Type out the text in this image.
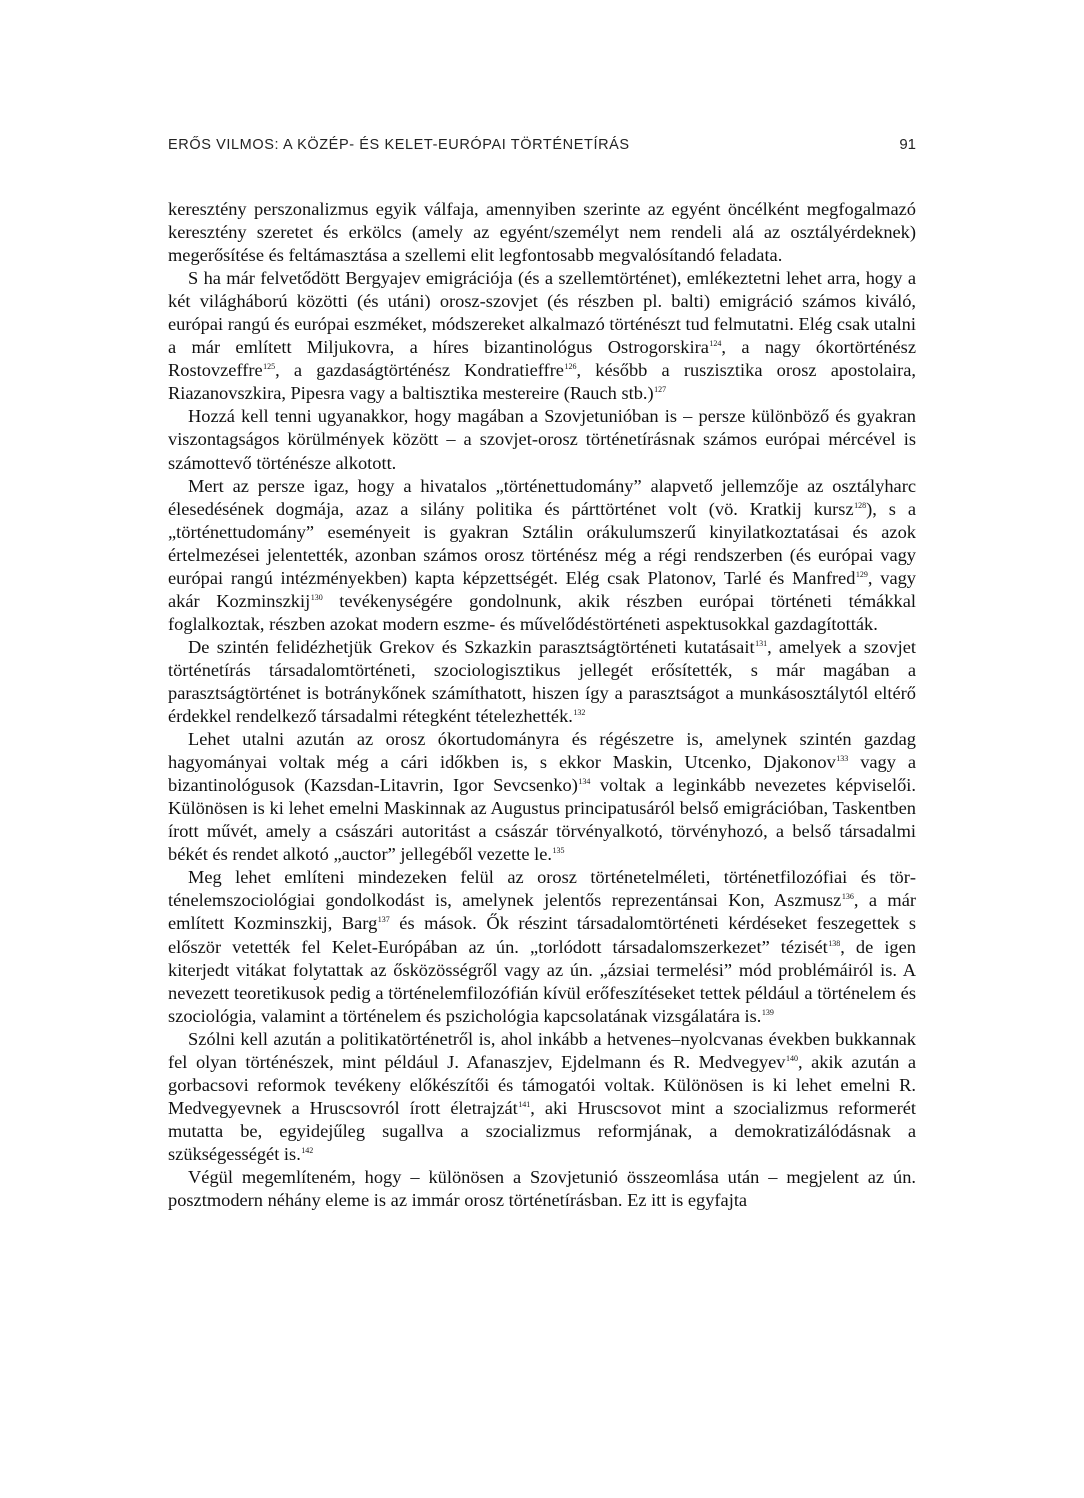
ERŐS VILMOS: A KÖZÉP- ÉS KELET-EURÓPAI TÖRTÉNETÍRÁS	91

keresztény perszonalizmus egyik válfaja, amennyiben szerinte az egyént öncélként megfogalmazó keresztény szeretet és erkölcs (amely az egyént/személyt nem rendeli alá az osztályérdeknek) megerősítése és feltámasztása a szellemi elit legfontosabb megvalósítandó feladata.

S ha már felvetődött Bergyajev emigrációja (és a szellemtörténet), emlékeztetni lehet arra, hogy a két világháború közötti (és utáni) orosz-szovjet (és részben pl. balti) emigráció számos kiváló, európai rangú és európai eszméket, módszereket alkalmazó történészt tud felmutatni. Elég csak utalni a már említett Miljukovra, a híres bizantinológus Ostrogorskira$^{124}$, a nagy ókortörténész Rostovzeffre$^{125}$, a gazdaságtörténész Kondratieffre$^{126}$, később a ruszisztika orosz apostolaira, Riazanovszkira, Pipesra vagy a baltisztika mestereire (Rauch stb.)$^{127}$

Hozzá kell tenni ugyanakkor, hogy magában a Szovjetunióban is – persze különböző és gyakran viszontagságos körülmények között – a szovjet-orosz történetírásnak számos európai mércével is számottevő történésze alkotott.

Mert az persze igaz, hogy a hivatalos „történettudomány” alapvető jellemzője az osztályharc élesedésének dogmája, azaz a silány politika és párttörténet volt (vö. Kratkij kursz$^{128}$), s a „történettudomány” eseményeit is gyakran Sztálin orákulumszerű kinyilatkoztatásai és azok értelmezései jelentették, azonban számos orosz történész még a régi rendszerben (és európai vagy európai rangú intézményekben) kapta képzettségét. Elég csak Platonov, Tarlé és Manfred$^{129}$, vagy akár Kozminszkij$^{130}$ tevékenységére gondolnunk, akik részben európai történeti témákkal foglalkoztak, részben azokat modern eszme- és művelődéstörténeti aspektusokkal gazdagították.

De szintén felidézhetjük Grekov és Szkazkin parasztságtörténeti kutatásait$^{131}$, amelyek a szovjet történetírás társadalomtörténeti, szociologisztikus jellegét erősítették, s már magában a parasztságtörténet is botránykőnek számíthatott, hiszen így a parasztságot a munkásosztálytól eltérő érdekkel rendelkező társadalmi rétegként tételezhették.$^{132}$

Lehet utalni azután az orosz ókortudományra és régészetre is, amelynek szintén gazdag hagyományai voltak még a cári időkben is, s ekkor Maskin, Utcenko, Djakonov$^{133}$ vagy a bizantinológusok (Kazsdan-Litavrin, Igor Sevcsenko)$^{134}$ voltak a leginkább nevezetes képviselői. Különösen is ki lehet emelni Maskinnak az Augustus principatusáról belső emigrációban, Taskentben írott művét, amely a császári autoritást a császár törvényalkotó, törvényhozó, a belső társadalmi békét és rendet alkotó „auctor” jellegéből vezette le.$^{135}$

Meg lehet említeni mindezeken felül az orosz történetelméleti, történetfilozófiai és történelemszociológiai gondolkodást is, amelynek jelentős reprezentánsai Kon, Aszmusz$^{136}$, a már említett Kozminszkij, Barg$^{137}$ és mások. Ők részint társadalomtörténeti kérdéseket feszegettek s először vetették fel Kelet-Európában az ún. „torlódott társadalomszerkezet” tézisét$^{138}$, de igen kiterjedt vitákat folytattak az ősközösségről vagy az ún. „ázsiai termelési” mód problémáiról is. A nevezett teoretikusok pedig a történelemfilozófián kívül erőfeszítéseket tettek például a történelem és szociológia, valamint a történelem és pszichológia kapcsolatának vizsgálatára is.$^{139}$

Szólni kell azután a politikatörténetről is, ahol inkább a hetvenes–nyolcvanas években bukkannak fel olyan történészek, mint például J. Afanaszjev, Ejdelmann és R. Medvegyev$^{140}$, akik azután a gorbacsovi reformok tevékeny előkészítői és támogatói voltak. Különösen is ki lehet emelni R. Medvegyevnek a Hruscsovról írott életrajzát$^{141}$, aki Hruscsovot mint a szocializmus reformerét mutatta be, egyidejűleg sugallva a szocializmus reformjának, a demokratizálódásnak a szükségességét is.$^{142}$

Végül megemlíteném, hogy – különösen a Szovjetunió összeomlása után – megjelent az ún. posztmodern néhány eleme is az immár orosz történetírásban. Ez itt is egyfajta
